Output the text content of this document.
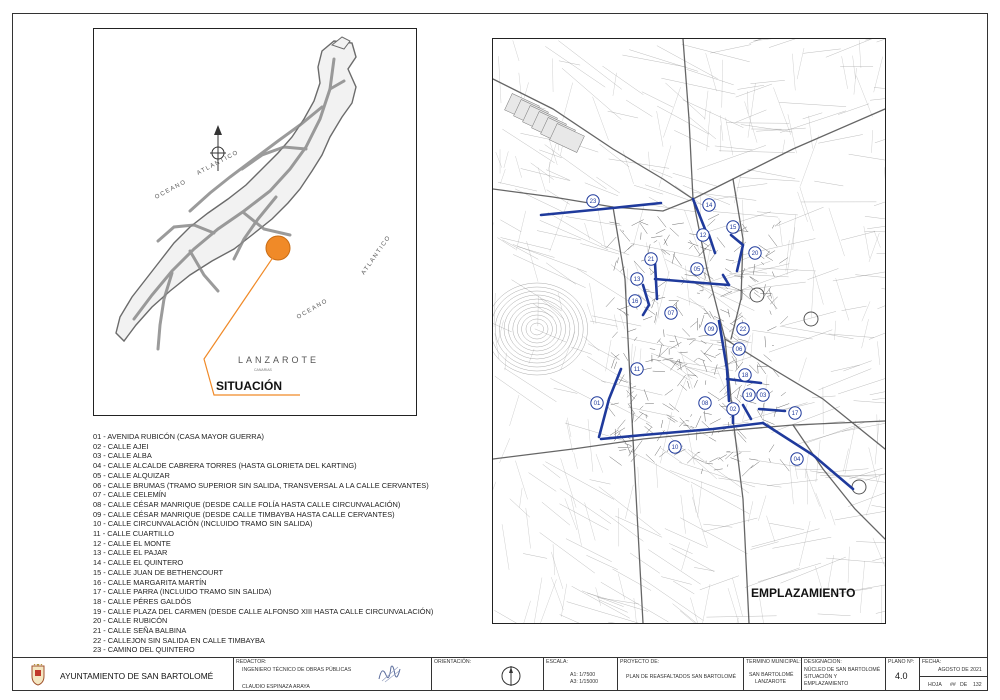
OCEANO
ATLANTICO
ATLANTICO
OCEANO
LANZAROTE
CANARIAS
SITUACIÓN
01
02
03
04
05
06
07
08
09
10
11
12
13
14
15
16
17
18
19
20
21
22
23
EMPLAZAMIENTO
01 - AVENIDA RUBICÓN (CASA MAYOR GUERRA)
02 - CALLE AJEI
03 - CALLE ALBA
04 - CALLE ALCALDE CABRERA TORRES (HASTA GLORIETA DEL KARTING)
05 - CALLE ALQUIZAR
06 - CALLE BRUMAS (TRAMO SUPERIOR SIN SALIDA, TRANSVERSAL A LA CALLE CERVANTES)
07 - CALLE CELEMÍN
08 - CALLE CÉSAR MANRIQUE (DESDE CALLE FOLÍA HASTA CALLE CIRCUNVALACIÓN)
09 - CALLE CÉSAR MANRIQUE (DESDE CALLE TIMBAYBA HASTA CALLE CERVANTES)
10 - CALLE CIRCUNVALACIÓN (INCLUIDO TRAMO SIN SALIDA)
11 - CALLE CUARTILLO
12 - CALLE EL MONTE
13 - CALLE EL PAJAR
14 - CALLE EL QUINTERO
15 - CALLE JUAN DE BETHENCOURT
16 - CALLE MARGARITA MARTÍN
17 - CALLE PARRA (INCLUIDO TRAMO SIN SALIDA)
18 - CALLE PÉRES GALDÓS
19 - CALLE PLAZA DEL CARMEN (DESDE CALLE ALFONSO XIII HASTA CALLE CIRCUNVALACIÓN)
20 - CALLE RUBICÓN
21 - CALLE SEÑA BALBINA
22 - CALLEJON SIN SALIDA EN CALLE TIMBAYBA
23 - CAMINO DEL QUINTERO
AYUNTAMIENTO DE SAN BARTOLOMÉ
REDACTOR:
INGENIERO TÉCNICO DE OBRAS PÚBLICAS
CLAUDIO ESPINAZA ARAYA
ORIENTACIÓN:	ESCALA:
A1: 1/7500
A3: 1/15000
PROYECTO DE:
PLAN DE REASFALTADOS SAN BARTOLOMÉ
TERMINO MUNICIPAL:
SAN BARTOLOMÉ
LANZAROTE
DESIGNACION:
NÚCLEO DE SAN BARTOLOMÉ
SITUACIÓN Y
EMPLAZAMIENTO
PLANO Nº:
4.0
FECHA:
AGOSTO DE 2021
HOJA ## DE 132
